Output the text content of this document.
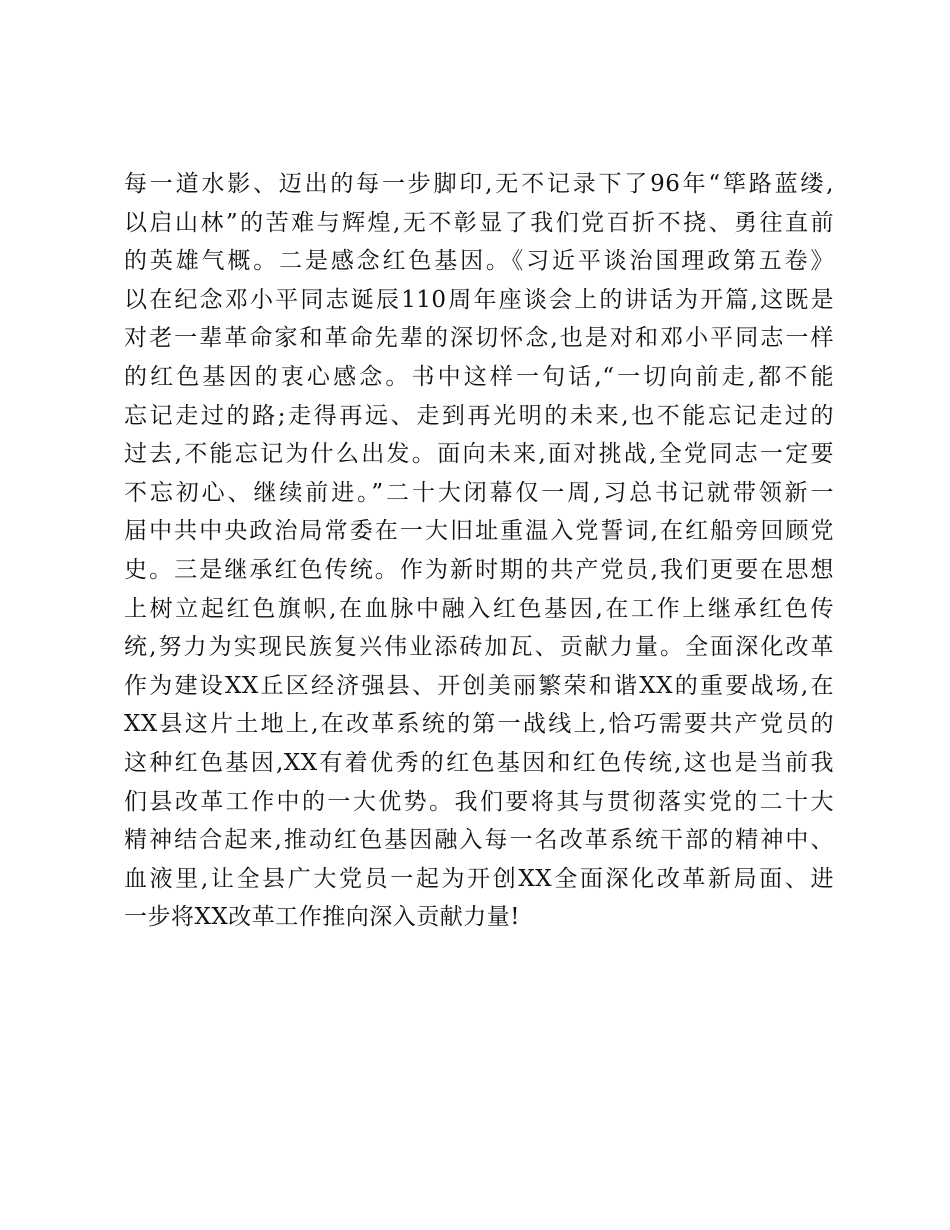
每一道水影、迈出的每一步脚印,无不记录下了96年“筚路蓝缕,
以启山林”的苦难与辉煌,无不彰显了我们党百折不挠、勇往直前
的英雄气概。二是感念红色基因。《习近平谈治国理政第五卷》
以在纪念邓小平同志诞辰110周年座谈会上的讲话为开篇,这既是
对老一辈革命家和革命先辈的深切怀念,也是对和邓小平同志一样
的红色基因的衷心感念。书中这样一句话,“一切向前走,都不能
忘记走过的路;走得再远、走到再光明的未来,也不能忘记走过的
过去,不能忘记为什么出发。面向未来,面对挑战,全党同志一定要
不忘初心、继续前进。”二十大闭幕仅一周,习总书记就带领新一
届中共中央政治局常委在一大旧址重温入党誓词,在红船旁回顾党
史。三是继承红色传统。作为新时期的共产党员,我们更要在思想
上树立起红色旗帜,在血脉中融入红色基因,在工作上继承红色传
统,努力为实现民族复兴伟业添砖加瓦、贡献力量。全面深化改革
作为建设XX丘区经济强县、开创美丽繁荣和谐XX的重要战场,在
XX县这片土地上,在改革系统的第一战线上,恰巧需要共产党员的
这种红色基因,XX有着优秀的红色基因和红色传统,这也是当前我
们县改革工作中的一大优势。我们要将其与贯彻落实党的二十大
精神结合起来,推动红色基因融入每一名改革系统干部的精神中、
血液里,让全县广大党员一起为开创XX全面深化改革新局面、进
一步将XX改革工作推向深入贡献力量!
